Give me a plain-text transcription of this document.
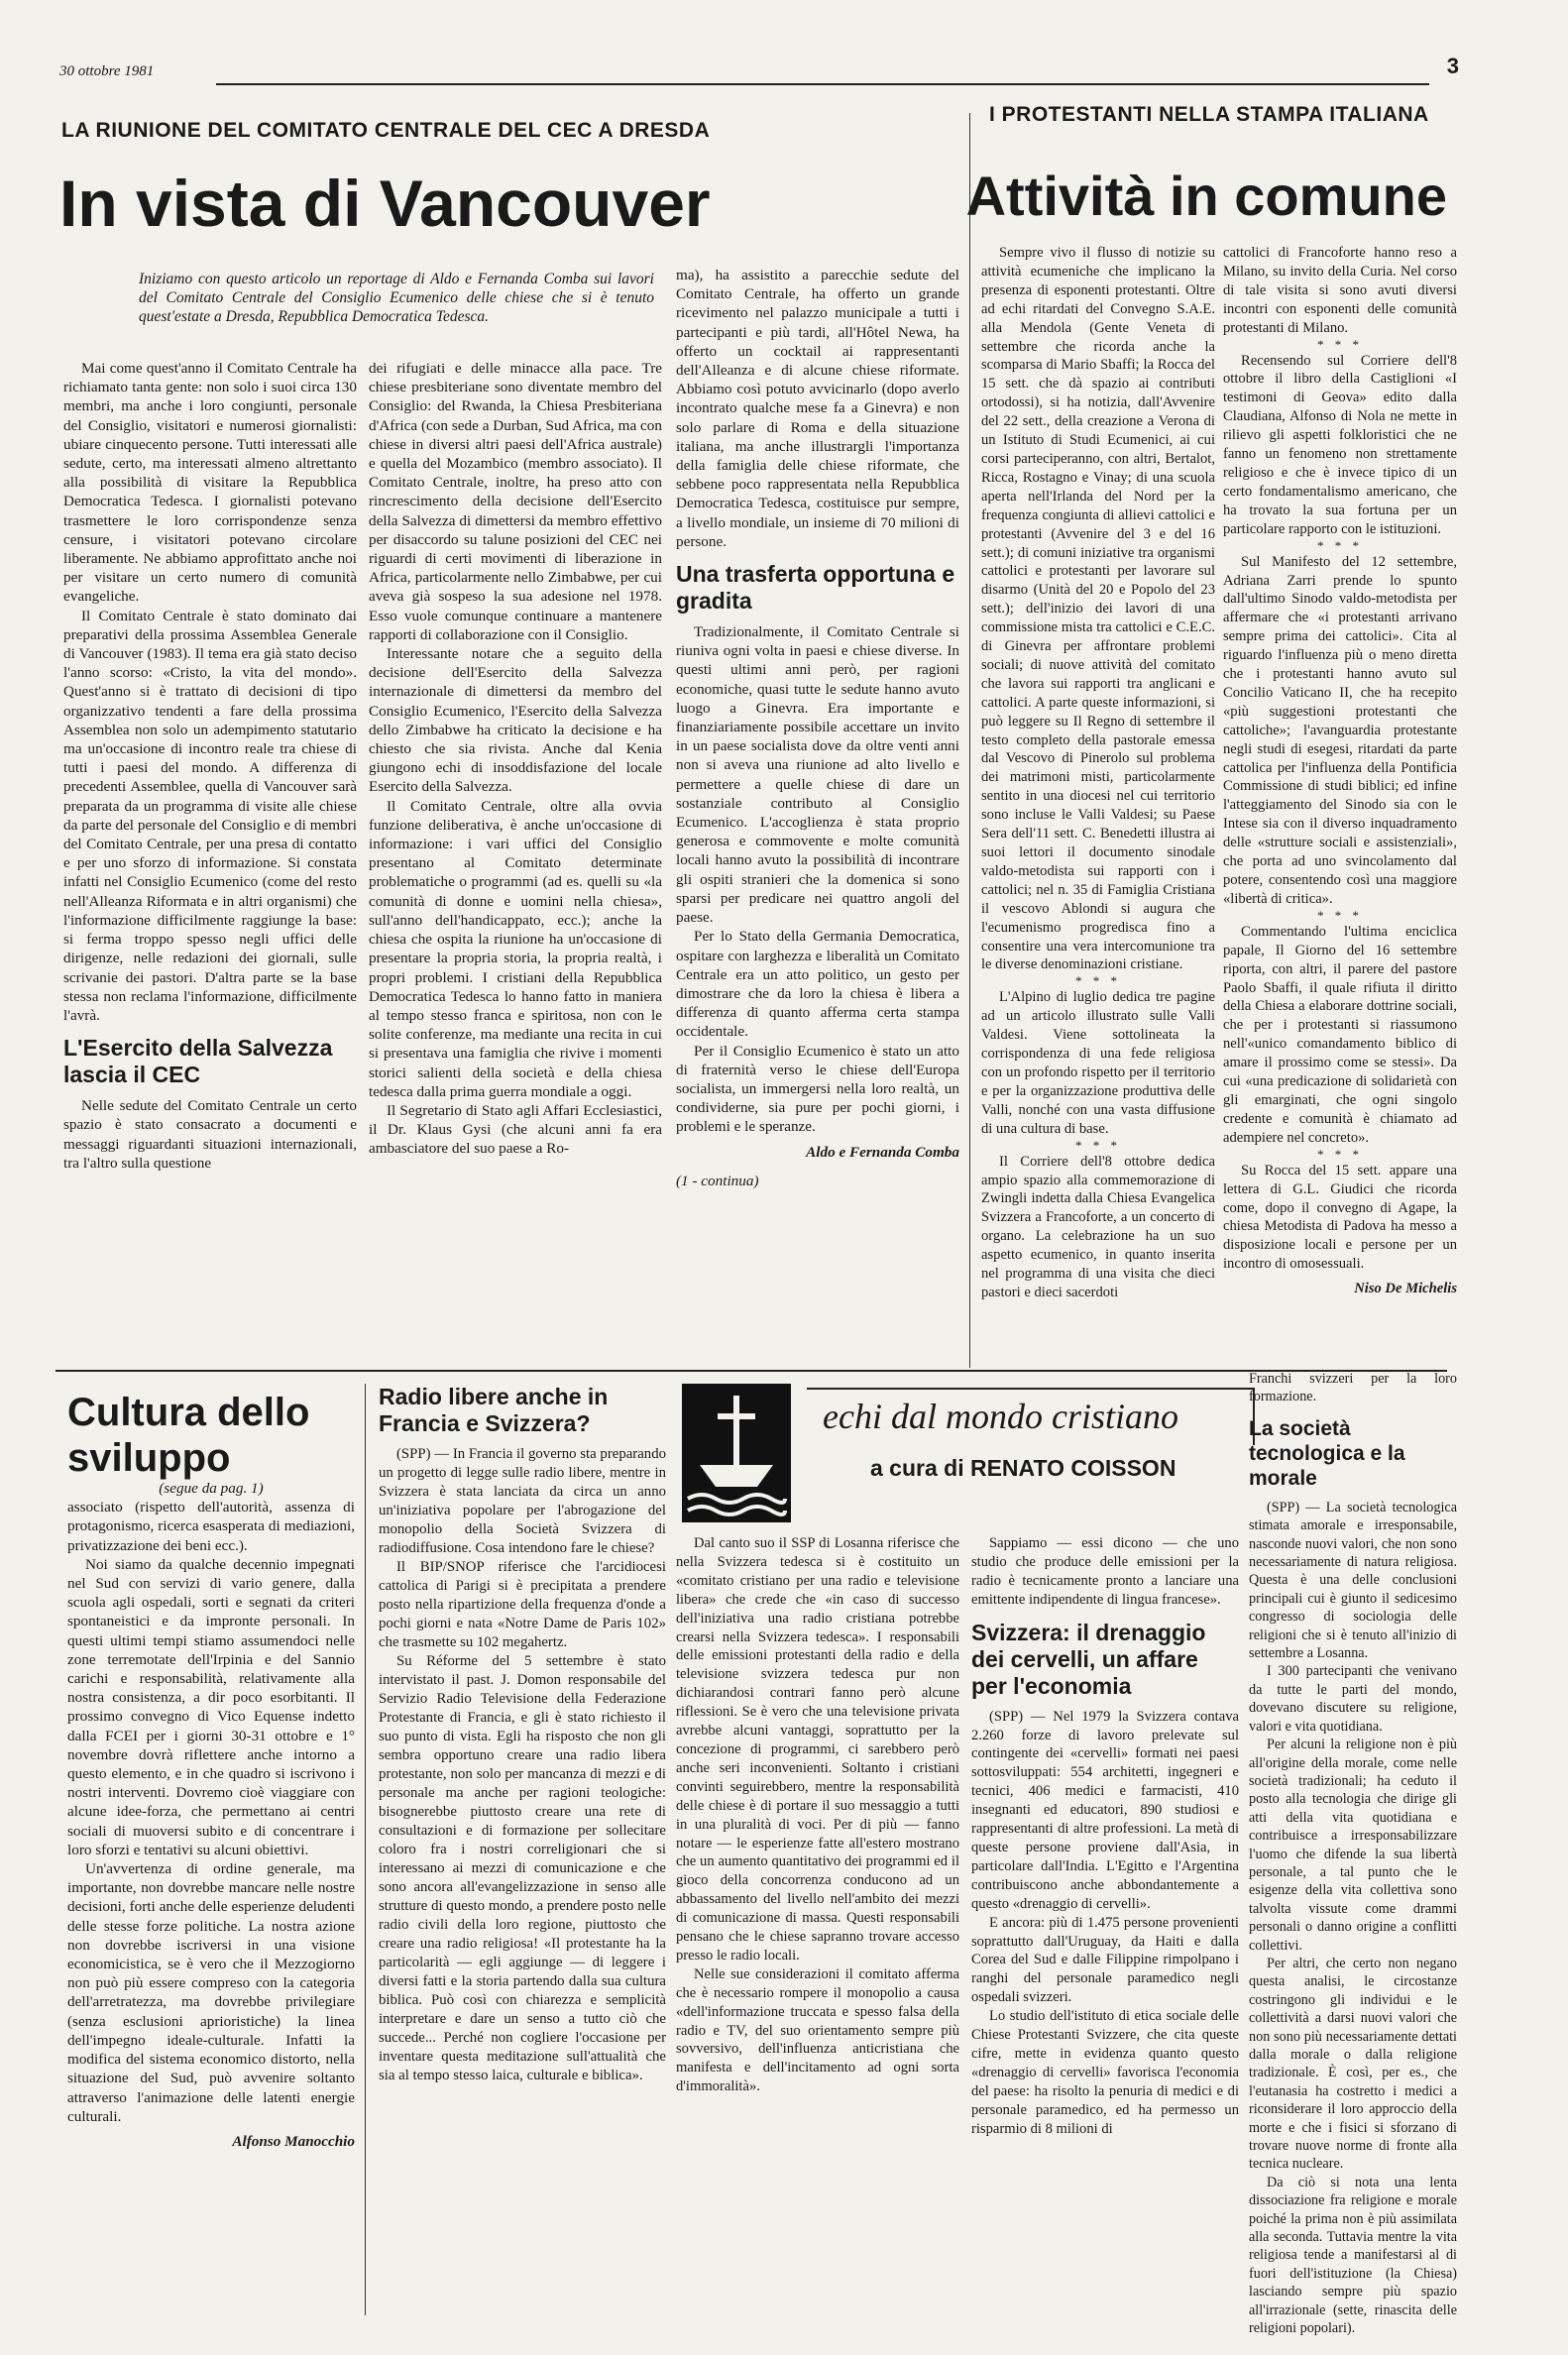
30 ottobre 1981	3
LA RIUNIONE DEL COMITATO CENTRALE DEL CEC A DRESDA
In vista di Vancouver
Iniziamo con questo articolo un reportage di Aldo e Fernanda Comba sui lavori del Comitato Centrale del Consiglio Ecumenico delle chiese che si è tenuto quest'estate a Dresda, Repubblica Democratica Tedesca.

Mai come quest'anno il Comitato Centrale ha richiamato tanta gente: non solo i suoi circa 130 membri, ma anche i loro congiunti, personale del Consiglio, visitatori e numerosi giornalisti: ubiare cinquecento persone. Tutti interessati alle sedute, certo, ma interessati almeno altrettanto alla possibilità di visitare la Repubblica Democratica Tedesca. I giornalisti potevano trasmettere le loro corrispondenze senza censure, i visitatori potevano circolare liberamente. Ne abbiamo approfittato anche noi per visitare un certo numero di comunità evangeliche.

Il Comitato Centrale è stato dominato dai preparativi della prossima Assemblea Generale di Vancouver (1983). Il tema era già stato deciso l'anno scorso: «Cristo, la vita del mondo». Quest'anno si è trattato di decisioni di tipo organizzativo tendenti a fare della prossima Assemblea non solo un adempimento statutario ma un'occasione di incontro reale tra chiese di tutti i paesi del mondo. A differenza di precedenti Assemblee, quella di Vancouver sarà preparata da un programma di visite alle chiese da parte del personale del Consiglio e di membri del Comitato Centrale, per una presa di contatto e per uno sforzo di informazione. Si constata infatti nel Consiglio Ecumenico (come del resto nell'Alleanza Riformata e in altri organismi) che l'informazione difficilmente raggiunge la base: si ferma troppo spesso negli uffici delle dirigenze, nelle redazioni dei giornali, sulle scrivanie dei pastori. D'altra parte se la base stessa non reclama l'informazione, difficilmente l'avrà.

L'Esercito della Salvezza lascia il CEC

Nelle sedute del Comitato Centrale un certo spazio è stato consacrato a documenti e messaggi riguardanti situazioni internazionali, tra l'altro sulla questione

dei rifugiati e delle minacce alla pace. Tre chiese presbiteriane sono diventate membro del Consiglio: del Rwanda, la Chiesa Presbiteriana d'Africa (con sede a Durban, Sud Africa, ma con chiese in diversi altri paesi dell'Africa australe) e quella del Mozambico (membro associato). Il Comitato Centrale, inoltre, ha preso atto con rincrescimento della decisione dell'Esercito della Salvezza di dimettersi da membro effettivo per disaccordo su talune posizioni del CEC nei riguardi di certi movimenti di liberazione in Africa, particolarmente nello Zimbabwe, per cui aveva già sospeso la sua adesione nel 1978. Esso vuole comunque continuare a mantenere rapporti di collaborazione con il Consiglio.

Interessante notare che a seguito della decisione dell'Esercito della Salvezza internazionale di dimettersi da membro del Consiglio Ecumenico, l'Esercito della Salvezza dello Zimbabwe ha criticato la decisione e ha chiesto che sia rivista. Anche dal Kenia giungono echi di insoddisfazione del locale Esercito della Salvezza.

Il Comitato Centrale, oltre alla ovvia funzione deliberativa, è anche un'occasione di informazione: i vari uffici del Consiglio presentano al Comitato determinate problematiche o programmi (ad es. quelli su «la comunità di donne e uomini nella chiesa», sull'anno dell'handicappato, ecc.); anche la chiesa che ospita la riunione ha un'occasione di presentare la propria storia, la propria realtà, i propri problemi. I cristiani della Repubblica Democratica Tedesca lo hanno fatto in maniera al tempo stesso franca e spiritosa, non con le solite conferenze, ma mediante una recita in cui si presentava una famiglia che rivive i momenti storici salienti della società e della chiesa tedesca dalla prima guerra mondiale a oggi.

Il Segretario di Stato agli Affari Ecclesiastici, il Dr. Klaus Gysi (che alcuni anni fa era ambasciatore del suo paese a Ro-

ma), ha assistito a parecchie sedute del Comitato Centrale, ha offerto un grande ricevimento nel palazzo municipale a tutti i partecipanti e più tardi, all'Hôtel Newa, ha offerto un cocktail ai rappresentanti dell'Alleanza e di alcune chiese riformate. Abbiamo così potuto avvicinarlo (dopo averlo incontrato qualche mese fa a Ginevra) e non solo parlare di Roma e della situazione italiana, ma anche illustrargli l'importanza della famiglia delle chiese riformate, che sebbene poco rappresentata nella Repubblica Democratica Tedesca, costituisce pur sempre, a livello mondiale, un insieme di 70 milioni di persone.

Una trasferta opportuna e gradita

Tradizionalmente, il Comitato Centrale si riuniva ogni volta in paesi e chiese diverse. In questi ultimi anni però, per ragioni economiche, quasi tutte le sedute hanno avuto luogo a Ginevra. Era importante e finanziariamente possibile accettare un invito in un paese socialista dove da oltre venti anni non si aveva una riunione ad alto livello e permettere a quelle chiese di dare un sostanziale contributo al Consiglio Ecumenico. L'accoglienza è stata proprio generosa e commovente e molte comunità locali hanno avuto la possibilità di incontrare gli ospiti stranieri che la domenica si sono sparsi per predicare nei quattro angoli del paese.

Per lo Stato della Germania Democratica, ospitare con larghezza e liberalità un Comitato Centrale era un atto politico, un gesto per dimostrare che da loro la chiesa è libera a differenza di quanto afferma certa stampa occidentale.

Per il Consiglio Ecumenico è stato un atto di fraternità verso le chiese dell'Europa socialista, un immergersi nella loro realtà, un condividerne, sia pure per pochi giorni, i problemi e le speranze.

Aldo e Fernanda Comba
(1 - continua)
I PROTESTANTI NELLA STAMPA ITALIANA
Attività in comune

Sempre vivo il flusso di notizie su attività ecumeniche che implicano la presenza di esponenti protestanti. Oltre ad echi ritardati del Convegno S.A.E. alla Mendola (Gente Veneta di settembre che ricorda anche la scomparsa di Mario Sbaffi; la Rocca del 15 sett. che dà spazio ai contributi ortodossi), si ha notizia, dall'Avvenire del 22 sett., della creazione a Verona di un Istituto di Studi Ecumenici, ai cui corsi parteciperanno, con altri, Bertalot, Ricca, Rostagno e Vinay; di una scuola aperta nell'Irlanda del Nord per la frequenza congiunta di allievi cattolici e protestanti (Avvenire del 3 e del 16 sett.); di comuni iniziative tra organismi cattolici e protestanti per lavorare sul disarmo (Unità del 20 e Popolo del 23 sett.); dell'inizio dei lavori di una commissione mista tra cattolici e C.E.C. di Ginevra per affrontare problemi sociali; di nuove attività del comitato che lavora sui rapporti tra anglicani e cattolici. A parte queste informazioni, si può leggere su Il Regno di settembre il testo completo della pastorale emessa dal Vescovo di Pinerolo sul problema dei matrimoni misti, particolarmente sentito in una diocesi nel cui territorio sono incluse le Valli Valdesi; su Paese Sera dell'11 sett. C. Benedetti illustra ai suoi lettori il documento sinodale valdo-metodista sui rapporti con i cattolici; nel n. 35 di Famiglia Cristiana il vescovo Ablondi si augura che l'ecumenismo progredisca fino a consentire una vera intercomunione tra le diverse denominazioni cristiane.

* * *

L'Alpino di luglio dedica tre pagine ad un articolo illustrato sulle Valli Valdesi. Viene sottolineata la corrispondenza di una fede religiosa con un profondo rispetto per il territorio e per la organizzazione produttiva delle Valli, nonché con una vasta diffusione di una cultura di base.

* * *

Il Corriere dell'8 ottobre dedica ampio spazio alla commemorazione di Zwingli indetta dalla Chiesa Evangelica Svizzera a Francoforte, a un concerto di organo. La celebrazione ha un suo aspetto ecumenico, in quanto inserita nel programma di una visita che dieci pastori e dieci sacerdoti

cattolici di Francoforte hanno reso a Milano, su invito della Curia. Nel corso di tale visita si sono avuti diversi incontri con esponenti delle comunità protestanti di Milano.

* * *

Recensendo sul Corriere dell'8 ottobre il libro della Castiglioni «I testimoni di Geova» edito dalla Claudiana, Alfonso di Nola ne mette in rilievo gli aspetti folkloristici che ne fanno un fenomeno non strettamente religioso e che è invece tipico di un certo fondamentalismo americano, che ha trovato la sua fortuna per un particolare rapporto con le istituzioni.

* * *

Sul Manifesto del 12 settembre, Adriana Zarri prende lo spunto dall'ultimo Sinodo valdo-metodista per affermare che «i protestanti arrivano sempre prima dei cattolici». Cita al riguardo l'influenza più o meno diretta che i protestanti hanno avuto sul Concilio Vaticano II, che ha recepito «più suggestioni protestanti che cattoliche»; l'avanguardia protestante negli studi di esegesi, ritardati da parte cattolica per l'influenza della Pontificia Commissione di studi biblici; ed infine l'atteggiamento del Sinodo sia con le Intese sia con il diverso inquadramento delle «strutture sociali e assistenziali», che porta ad uno svincolamento dal potere, consentendo così una maggiore «libertà di critica».

* * *

Commentando l'ultima enciclica papale, Il Giorno del 16 settembre riporta, con altri, il parere del pastore Paolo Sbaffi, il quale rifiuta il diritto della Chiesa a elaborare dottrine sociali, che per i protestanti si riassumono nell'«unico comandamento biblico di amare il prossimo come se stessi». Da cui «una predicazione di solidarietà con gli emarginati, che ogni singolo credente e comunità è chiamato ad adempiere nel concreto».

* * *

Su Rocca del 15 sett. appare una lettera di G.L. Giudici che ricorda come, dopo il convegno di Agape, la chiesa Metodista di Padova ha messo a disposizione locali e persone per un incontro di omosessuali.

Niso De Michelis
Cultura dello sviluppo
(segue da pag. 1)

associato (rispetto dell'autorità, assenza di protagonismo, ricerca esasperata di mediazioni, privatizzazione dei beni ecc.).

Noi siamo da qualche decennio impegnati nel Sud con servizi di vario genere, dalla scuola agli ospedali, sorti e segnati da criteri spontaneistici e da impronte personali. In questi ultimi tempi stiamo assumendoci nelle zone terremotate dell'Irpinia e del Sannio carichi e responsabilità, relativamente alla nostra consistenza, a dir poco esorbitanti. Il prossimo convegno di Vico Equense indetto dalla FCEI per i giorni 30-31 ottobre e 1° novembre dovrà riflettere anche intorno a questo elemento, e in che quadro si iscrivono i nostri interventi. Dovremo cioè viaggiare con alcune idee-forza, che permettano ai centri sociali di muoversi subito e di concentrare i loro sforzi e tentativi su alcuni obiettivi.

Un'avvertenza di ordine generale, ma importante, non dovrebbe mancare nelle nostre decisioni, forti anche delle esperienze deludenti delle stesse forze politiche. La nostra azione non dovrebbe iscriversi in una visione economicistica, se è vero che il Mezzogiorno non può più essere compreso con la categoria dell'arretratezza, ma dovrebbe privilegiare (senza esclusioni aprioristiche) la linea dell'impegno ideale-culturale. Infatti la modifica del sistema economico distorto, nella situazione del Sud, può avvenire soltanto attraverso l'animazione delle latenti energie culturali.

Alfonso Manocchio
Radio libere anche in Francia e Svizzera?

(SPP) — In Francia il governo sta preparando un progetto di legge sulle radio libere, mentre in Svizzera è stata lanciata da circa un anno un'iniziativa popolare per l'abrogazione del monopolio della Società Svizzera di radiodiffusione. Cosa intendono fare le chiese?

Il BIP/SNOP riferisce che l'arcidiocesi cattolica di Parigi si è precipitata a prendere posto nella ripartizione della frequenza d'onde a pochi giorni e nata «Notre Dame de Paris 102» che trasmette su 102 megahertz.

Su Réforme del 5 settembre è stato intervistato il past. J. Domon responsabile del Servizio Radio Televisione della Federazione Protestante di Francia, e gli è stato richiesto il suo punto di vista. Egli ha risposto che non gli sembra opportuno creare una radio libera protestante, non solo per mancanza di mezzi e di personale ma anche per ragioni teologiche: bisognerebbe piuttosto creare una rete di consultazioni e di formazione per sollecitare coloro fra i nostri correligionari che si interessano ai mezzi di comunicazione e che sono ancora all'evangelizzazione in senso alle strutture di questo mondo, a prendere posto nelle radio civili della loro regione, piuttosto che creare una radio religiosa! «Il protestante ha la particolarità — egli aggiunge — di leggere i diversi fatti e la storia partendo dalla sua cultura biblica. Può così con chiarezza e semplicità interpretare e dare un senso a tutto ciò che succede... Perché non cogliere l'occasione per inventare questa meditazione sull'attualità che sia al tempo stesso laica, culturale e biblica».

echi dal mondo cristiano
a cura di RENATO COISSON

Dal canto suo il SSP di Losanna riferisce che nella Svizzera tedesca si è costituito un «comitato cristiano per una radio e televisione libera» che crede che «in caso di successo dell'iniziativa una radio cristiana potrebbe crearsi nella Svizzera tedesca». I responsabili delle emissioni protestanti della radio e della televisione svizzera tedesca pur non dichiarandosi contrari fanno però alcune riflessioni. Se è vero che una televisione privata avrebbe alcuni vantaggi, soprattutto per la concezione di programmi, ci sarebbero però anche seri inconvenienti. Soltanto i cristiani convinti seguirebbero, mentre la responsabilità delle chiese è di portare il suo messaggio a tutti in una pluralità di voci. Per di più — fanno notare — le esperienze fatte all'estero mostrano che un aumento quantitativo dei programmi ed il gioco della concorrenza conducono ad un abbassamento del livello nell'ambito dei mezzi di comunicazione di massa. Questi responsabili pensano che le chiese sapranno trovare accesso presso le radio locali.

Nelle sue considerazioni il comitato afferma che è necessario rompere il monopolio a causa «dell'informazione truccata e spesso falsa della radio e TV, del suo orientamento sempre più sovversivo, dell'influenza anticristiana che manifesta e dell'incitamento ad ogni sorta d'immoralità».

Sappiamo — essi dicono — che uno studio che produce delle emissioni per la radio è tecnicamente pronto a lanciare una emittente indipendente di lingua francese».

Svizzera: il drenaggio dei cervelli, un affare per l'economia

(SPP) — Nel 1979 la Svizzera contava 2.260 forze di lavoro prelevate sul contingente dei «cervelli» formati nei paesi sottosviluppati: 554 architetti, ingegneri e tecnici, 406 medici e farmacisti, 410 insegnanti ed educatori, 890 studiosi e rappresentanti di altre professioni. La metà di queste persone proviene dall'Asia, in particolare dall'India. L'Egitto e l'Argentina contribuiscono anche abbondantemente a questo «drenaggio di cervelli».

E ancora: più di 1.475 persone provenienti soprattutto dall'Uruguay, da Haiti e dalla Corea del Sud e dalle Filippine rimpolpano i ranghi del personale paramedico negli ospedali svizzeri.

Lo studio dell'istituto di etica sociale delle Chiese Protestanti Svizzere, che cita queste cifre, mette in evidenza quanto questo «drenaggio di cervelli» favorisca l'economia del paese: ha risolto la penuria di medici e di personale paramedico, ed ha permesso un risparmio di 8 milioni di

Franchi svizzeri per la loro formazione.

La società tecnologica e la morale

(SPP) — La società tecnologica stimata amorale e irresponsabile, nasconde nuovi valori, che non sono necessariamente di natura religiosa. Questa è una delle conclusioni principali cui è giunto il sedicesimo congresso di sociologia delle religioni che si è tenuto all'inizio di settembre a Losanna.

I 300 partecipanti che venivano da tutte le parti del mondo, dovevano discutere su religione, valori e vita quotidiana.

Per alcuni la religione non è più all'origine della morale, come nelle società tradizionali; ha ceduto il posto alla tecnologia che dirige gli atti della vita quotidiana e contribuisce a irresponsabilizzare l'uomo che difende la sua libertà personale, a tal punto che le esigenze della vita collettiva sono talvolta vissute come drammi personali o danno origine a conflitti collettivi.

Per altri, che certo non negano questa analisi, le circostanze costringono gli individui e le collettività a darsi nuovi valori che non sono più necessariamente dettati dalla morale o dalla religione tradizionale. È così, per es., che l'eutanasia ha costretto i medici a riconsiderare il loro approccio della morte e che i fisici si sforzano di trovare nuove norme di fronte alla tecnica nucleare.

Da ciò si nota una lenta dissociazione fra religione e morale poiché la prima non è più assimilata alla seconda. Tuttavia mentre la vita religiosa tende a manifestarsi al di fuori dell'istituzione (la Chiesa) lasciando sempre più spazio all'irrazionale (sette, rinascita delle religioni popolari).
